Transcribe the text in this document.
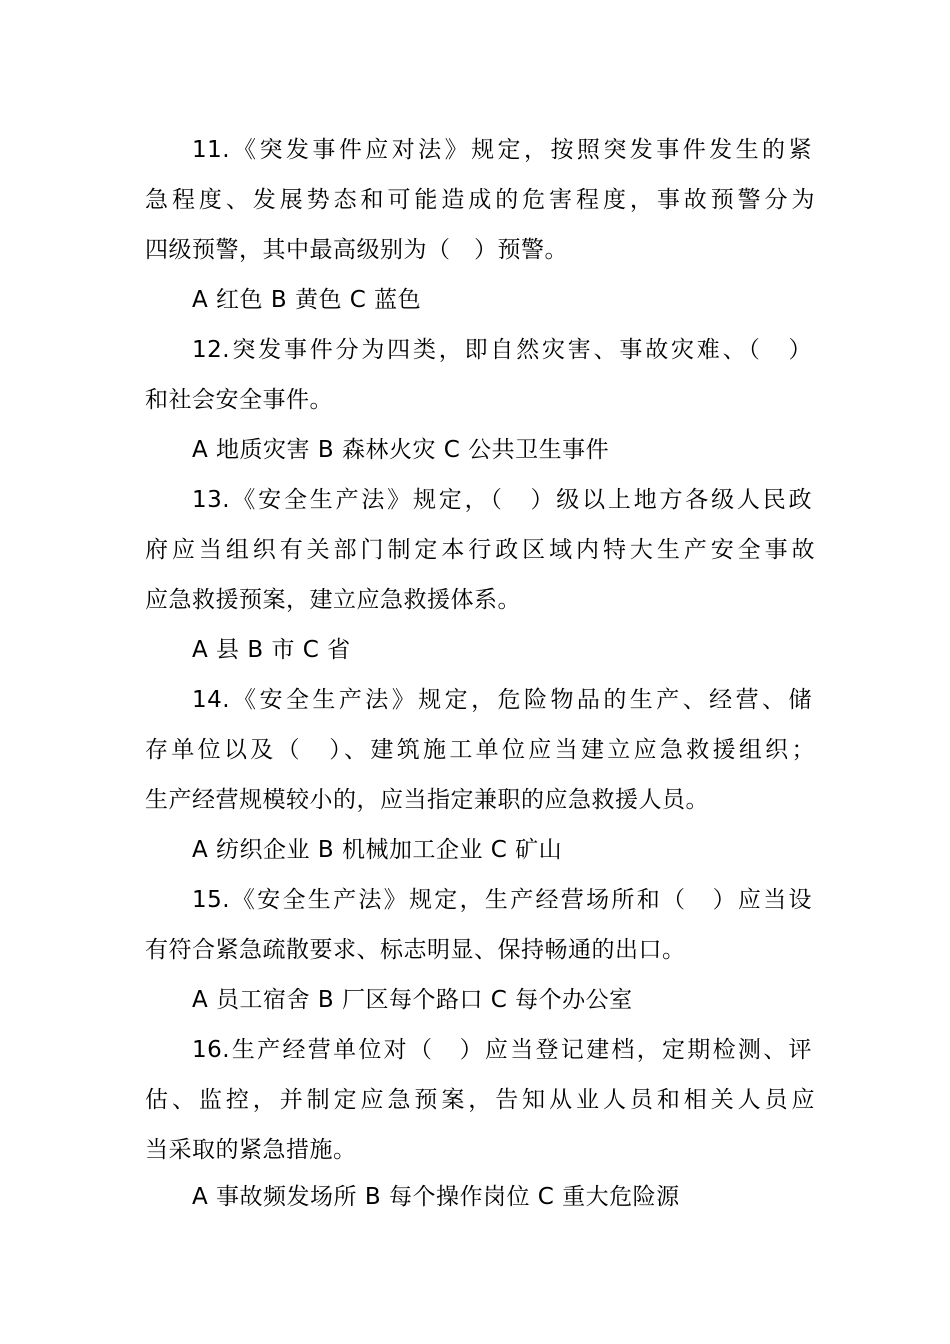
11.《突发事件应对法》规定，按照突发事件发生的紧
急程度、发展势态和可能造成的危害程度，事故预警分为
四级预警，其中最高级别为（　）预警。
A 红色 B 黄色 C 蓝色
12.突发事件分为四类，即自然灾害、事故灾难、（　）
和社会安全事件。
A 地质灾害 B 森林火灾 C 公共卫生事件
13.《安全生产法》规定，（　）级以上地方各级人民政
府应当组织有关部门制定本行政区域内特大生产安全事故
应急救援预案，建立应急救援体系。
A 县 B 市 C 省
14.《安全生产法》规定，危险物品的生产、经营、储
存单位以及（　）、建筑施工单位应当建立应急救援组织；
生产经营规模较小的，应当指定兼职的应急救援人员。
A 纺织企业 B 机械加工企业 C 矿山
15.《安全生产法》规定，生产经营场所和（　）应当设
有符合紧急疏散要求、标志明显、保持畅通的出口。
A 员工宿舍 B 厂区每个路口 C 每个办公室
16.生产经营单位对（　）应当登记建档，定期检测、评
估、监控，并制定应急预案，告知从业人员和相关人员应
当采取的紧急措施。
A 事故频发场所 B 每个操作岗位 C 重大危险源
